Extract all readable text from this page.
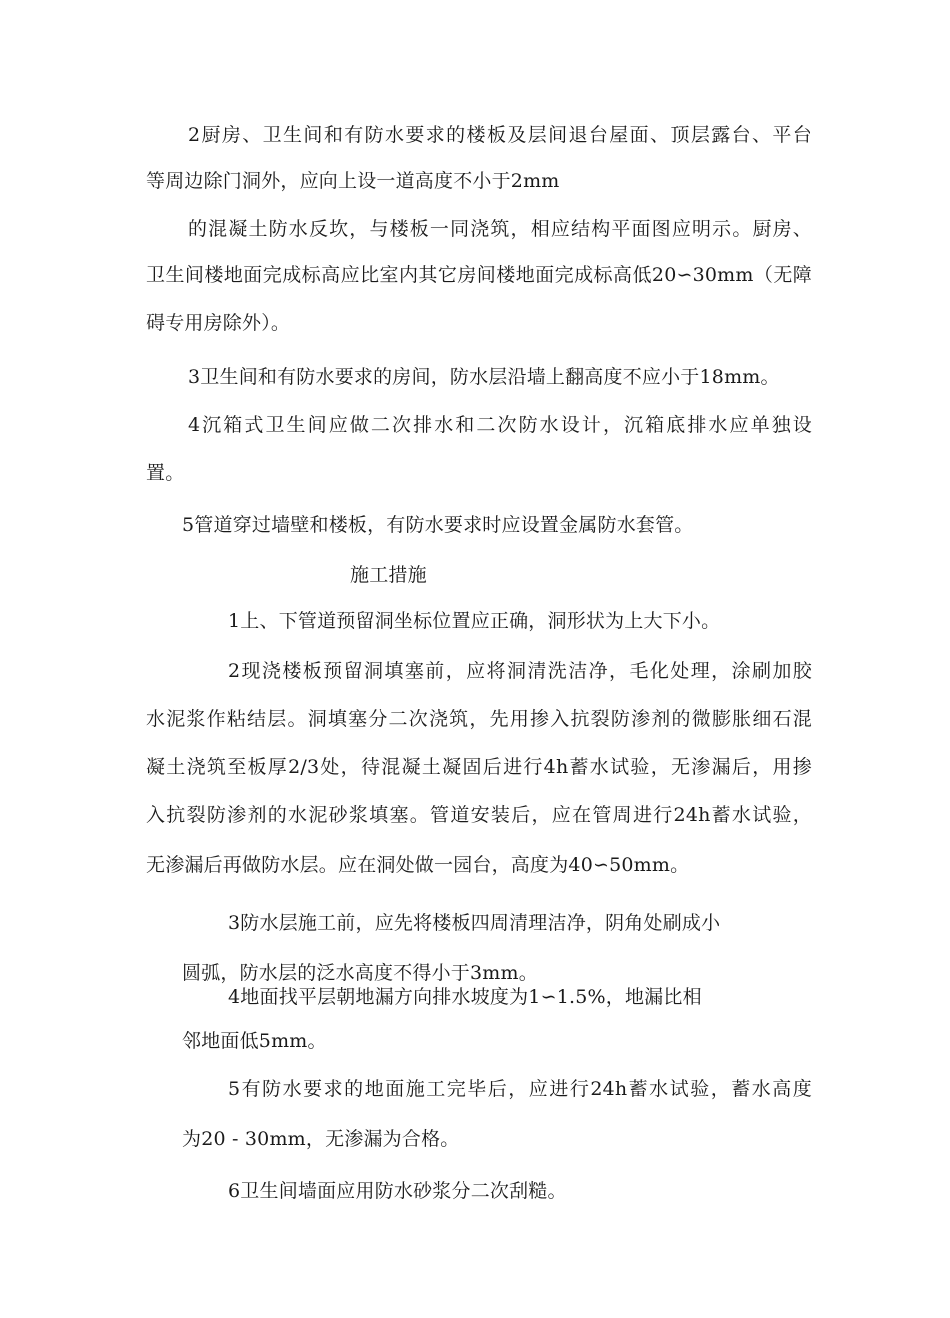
2厨房、卫生间和有防水要求的楼板及层间退台屋面、顶层露台、平台
等周边除门洞外，应向上设一道高度不小于2mm
的混凝土防水反坎，与楼板一同浇筑，相应结构平面图应明示。厨房、
卫生间楼地面完成标高应比室内其它房间楼地面完成标高低20∽30mm（无障
碍专用房除外）。
3卫生间和有防水要求的房间，防水层沿墙上翻高度不应小于18mm。
4沉箱式卫生间应做二次排水和二次防水设计，沉箱底排水应单独设
置。
5管道穿过墙壁和楼板，有防水要求时应设置金属防水套管。
施工措施
1上、下管道预留洞坐标位置应正确，洞形状为上大下小。
2现浇楼板预留洞填塞前，应将洞清洗洁净，毛化处理，涂刷加胶
水泥浆作粘结层。洞填塞分二次浇筑，先用掺入抗裂防渗剂的微膨胀细石混
凝土浇筑至板厚2/3处，待混凝土凝固后进行4h蓄水试验，无渗漏后，用掺
入抗裂防渗剂的水泥砂浆填塞。管道安装后，应在管周进行24h蓄水试验，
无渗漏后再做防水层。应在洞处做一园台，高度为40∽50mm。
3防水层施工前，应先将楼板四周清理洁净，阴角处刷成小
圆弧，防水层的泛水高度不得小于3mm。
4地面找平层朝地漏方向排水坡度为1∽1.5%，地漏比相
邻地面低5mm。
5有防水要求的地面施工完毕后，应进行24h蓄水试验，蓄水高度
为20 - 30mm，无渗漏为合格。
6卫生间墙面应用防水砂浆分二次刮糙。
